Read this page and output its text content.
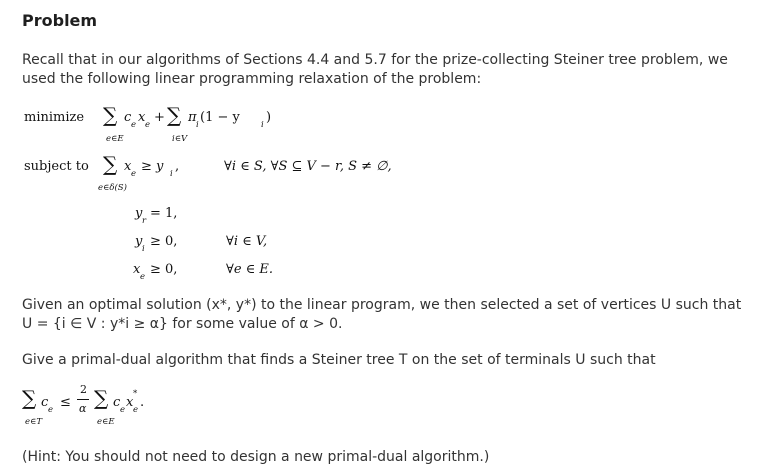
Problem
Recall that in our algorithms of Sections 4.4 and 5.7 for the prize-collecting Steiner tree problem, we
used the following linear programming relaxation of the problem:
minimize ∑
e∈E
c e x e + ∑
i∈V
π i (1 − y i )
subject to ∑
e∈δ(S)
x e ≥ y i ,	∀i ∈ S, ∀S ⊆ V − r, S ≠ ∅,
y r = 1,
y i ≥ 0,	∀i ∈ V,
x e ≥ 0,	∀e ∈ E.
Given an optimal solution (x*, y*) to the linear program, we then selected a set of vertices U such that
U = {i ∈ V : y*i ≥ α} for some value of α > 0.
Give a primal-dual algorithm that finds a Steiner tree T on the set of terminals U such that
∑
e∈T
c e ≤
2
α ∑
e∈E
c e x
*
e .
(Hint: You should not need to design a new primal-dual algorithm.)
